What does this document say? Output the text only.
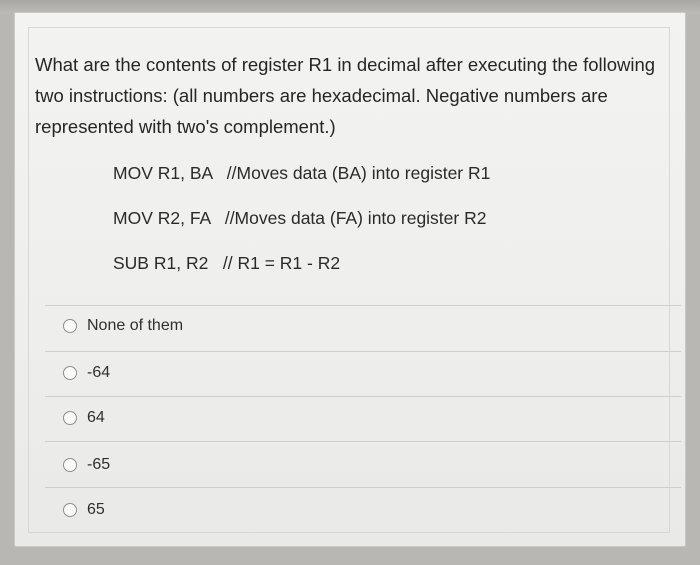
What are the contents of register R1 in decimal after executing the following

two instructions: (all numbers are hexadecimal. Negative numbers are

represented with two's complement.)

MOV R1, BA   //Moves data (BA) into register R1
MOV R2, FA   //Moves data (FA) into register R2
SUB R1, R2   // R1 = R1 - R2
None of them
-64
64
-65
65
